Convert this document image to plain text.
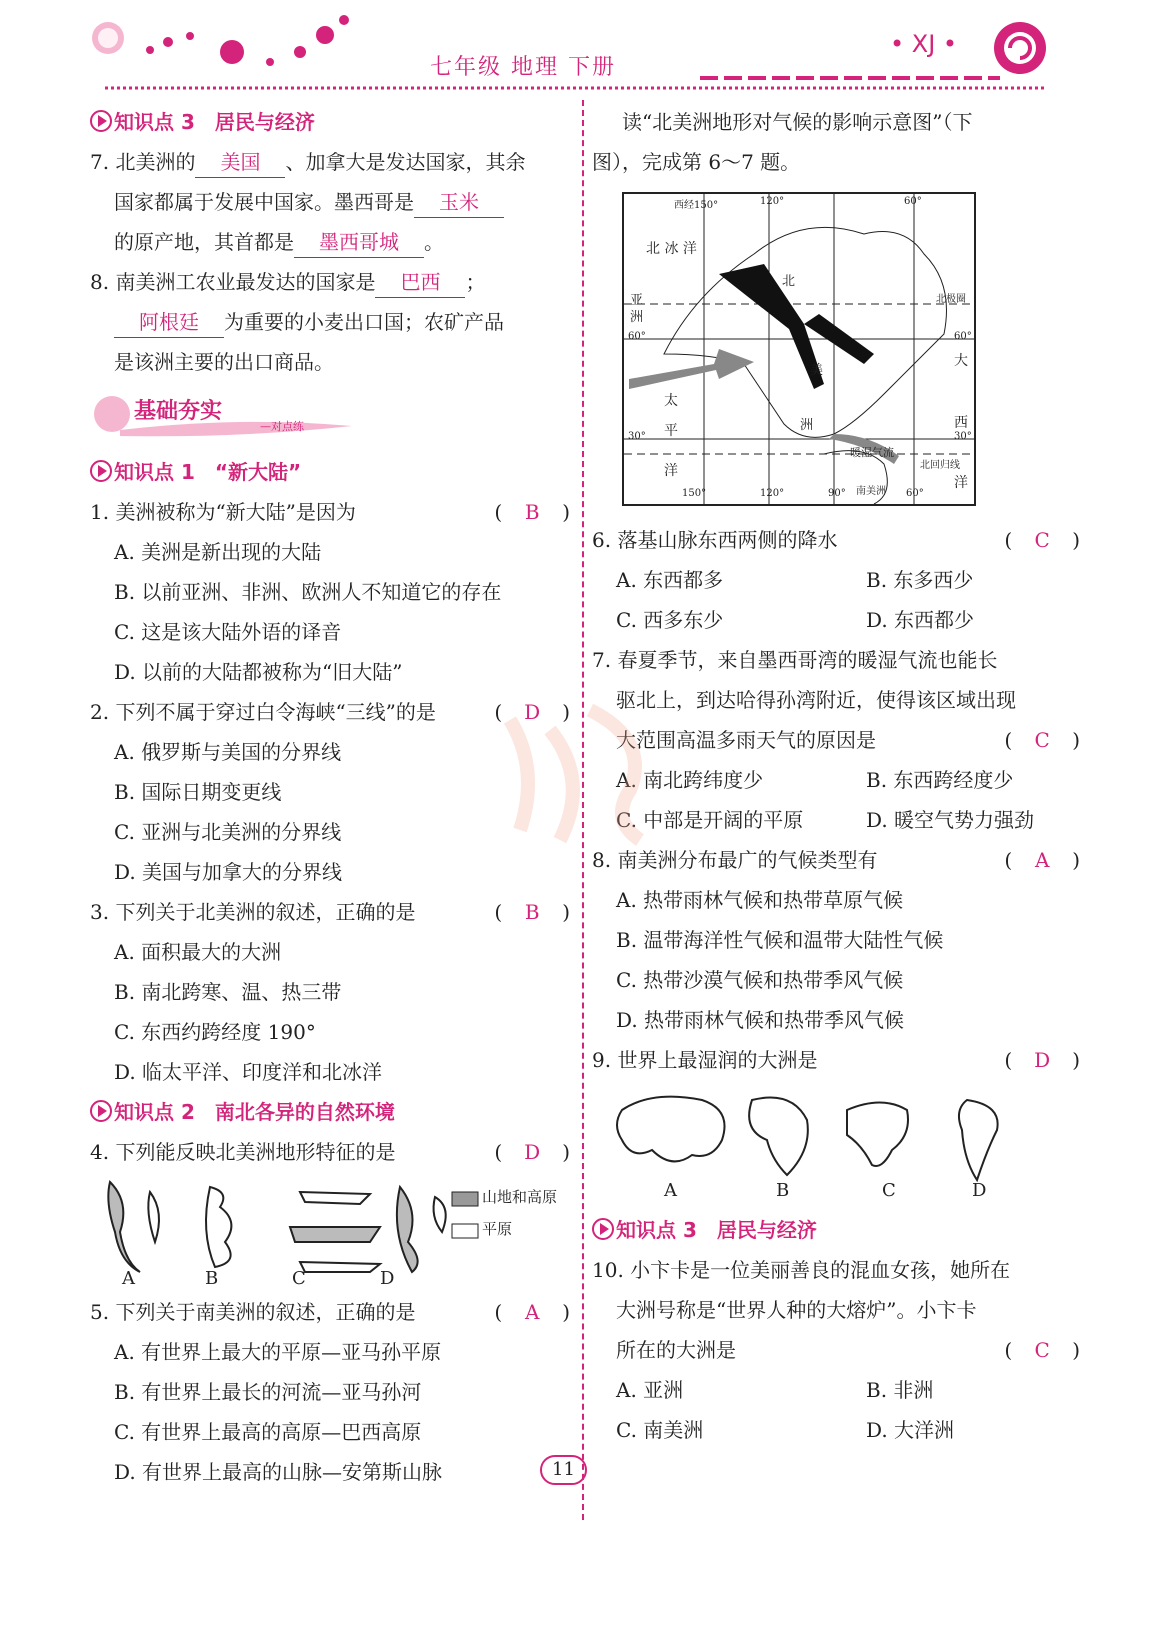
七年级 地理 下册
• XJ •
知识点 3　居民与经济
7. 北美洲的 美国 、加拿大是发达国家，其余
国家都属于发展中国家。墨西哥是 玉米
的原产地，其首都是 墨西哥城 。
8. 南美洲工农业最发达的国家是 巴西 ；
阿根廷 为重要的小麦出口国；农矿产品
是该洲主要的出口商品。
基础夯实
—对点练
知识点 1　“新大陆”
1. 美洲被称为“新大陆”是因为	( B )
A. 美洲是新出现的大陆
B. 以前亚洲、非洲、欧洲人不知道它的存在
C. 这是该大陆外语的译音
D. 以前的大陆都被称为“旧大陆”
2. 下列不属于穿过白令海峡“三线”的是	( D )
A. 俄罗斯与美国的分界线
B. 国际日期变更线
C. 亚洲与北美洲的分界线
D. 美国与加拿大的分界线
3. 下列关于北美洲的叙述，正确的是	( B )
A. 面积最大的大洲
B. 南北跨寒、温、热三带
C. 东西约跨经度 190°
D. 临太平洋、印度洋和北冰洋
知识点 2　南北各异的自然环境
4. 下列能反映北美洲地形特征的是	( D )
山地和高原
平原
A	B	C	D
5. 下列关于南美洲的叙述，正确的是	( A )
A. 有世界上最大的平原—亚马孙平原
B. 有世界上最长的河流—亚马孙河
C. 有世界上最高的高原—巴西高原
D. 有世界上最高的山脉—安第斯山脉
读“北美洲地形对气候的影响示意图”（下
图），完成第 6～7 题。
西经150°	120°	60°
北 冰 洋
亚
洲
北极圈
60°	60°
30°	30°
太
平
洋
大
西
洋
北回归线
150°	120°	90°	60°
南美洲
暖湿气流
北
美
洲
6. 落基山脉东西两侧的降水	( C )
A. 东西都多	B. 东多西少
C. 西多东少	D. 东西都少
7. 春夏季节，来自墨西哥湾的暖湿气流也能长
驱北上，到达哈得孙湾附近，使得该区域出现
大范围高温多雨天气的原因是	( C )
A. 南北跨纬度少	B. 东西跨经度少
C. 中部是开阔的平原	D. 暖空气势力强劲
8. 南美洲分布最广的气候类型有	( A )
A. 热带雨林气候和热带草原气候
B. 温带海洋性气候和温带大陆性气候
C. 热带沙漠气候和热带季风气候
D. 热带雨林气候和热带季风气候
9. 世界上最湿润的大洲是	( D )
A	B	C	D
知识点 3　居民与经济
10. 小卞卡是一位美丽善良的混血女孩，她所在
大洲号称是“世界人种的大熔炉”。小卞卡
所在的大洲是	( C )
A. 亚洲	B. 非洲
C. 南美洲	D. 大洋洲
11
